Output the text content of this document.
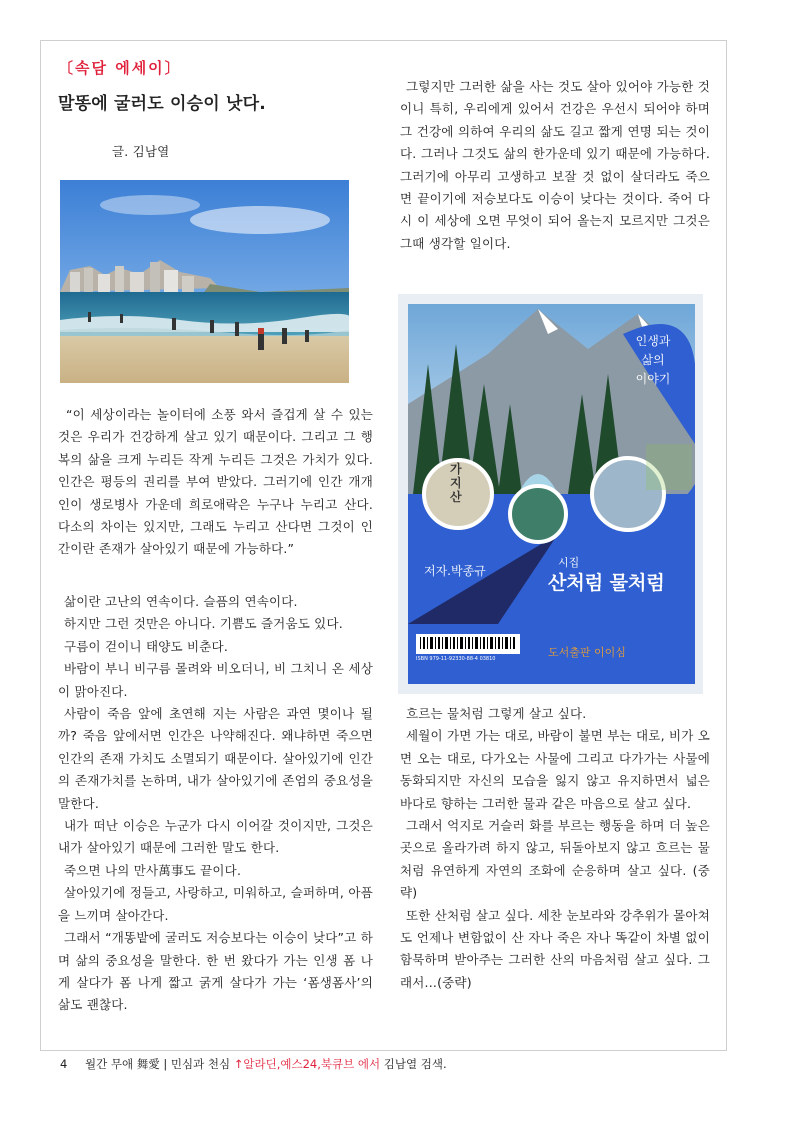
〔속담 에세이〕
말똥에 굴러도 이승이 낫다.
글. 김남열

“이 세상이라는 놀이터에 소풍 와서 즐겁게 살 수 있는 것은 우리가 건강하게 살고 있기 때문이다. 그리고 그 행복의 삶을 크게 누리든 작게 누리든 그것은 가치가 있다. 인간은 평등의 권리를 부여 받았다. 그러기에 인간 개개인이 생로병사 가운데 희로애락은 누구나 누리고 산다. 다소의 차이는 있지만, 그래도 누리고 산다면 그것이 인간이란 존재가 살아있기 때문에 가능하다.”

삶이란 고난의 연속이다. 슬픔의 연속이다.

하지만 그런 것만은 아니다. 기쁨도 즐거움도 있다.

구름이 걷이니 태양도 비춘다.

바람이 부니 비구름 몰려와 비오더니, 비 그치니 온 세상이 맑아진다.

사람이 죽음 앞에 초연해 지는 사람은 과연 몇이나 될까? 죽음 앞에서면 인간은 나약해진다. 왜냐하면 죽으면 인간의 존재 가치도 소멸되기 때문이다. 살아있기에 인간의 존재가치를 논하며, 내가 살아있기에 존엄의 중요성을 말한다.

내가 떠난 이승은 누군가 다시 이어갈 것이지만, 그것은 내가 살아있기 때문에 그러한 말도 한다.

죽으면 나의 만사萬事도 끝이다.

살아있기에 정들고, 사랑하고, 미워하고, 슬퍼하며, 아픔을 느끼며 살아간다.

그래서 “개똥밭에 굴러도 저승보다는 이승이 낮다”고 하며 삶의 중요성을 말한다. 한 번 왔다가 가는 인생 폼 나게 살다가 폼 나게 짧고 굵게 살다가 가는 ‘폼생폼사’의 삶도 괜찮다.

그렇지만 그러한 삶을 사는 것도 살아 있어야 가능한 것이니 특히, 우리에게 있어서 건강은 우선시 되어야 하며 그 건강에 의하여 우리의 삶도 길고 짧게 연명 되는 것이다. 그러나 그것도 삶의 한가운데 있기 때문에 가능하다. 그러기에 아무리 고생하고 보잘 것 없이 살더라도 죽으면 끝이기에 저승보다도 이승이 낮다는 것이다. 죽어 다시 이 세상에 오면 무엇이 되어 올는지 모르지만 그것은 그때 생각할 일이다.

인생과
삶의
이야기
가지산
저자.박종규
시집
산처럼 물처럼
도서출판 이이심
ISBN 979-11-92330-88-4 03810

흐르는 물처럼 그렇게 살고 싶다.

세월이 가면 가는 대로, 바람이 불면 부는 대로, 비가 오면 오는 대로, 다가오는 사물에 그리고 다가가는 사물에 동화되지만 자신의 모습을 잃지 않고 유지하면서 넓은 바다로 향하는 그러한 물과 같은 마음으로 살고 싶다.

그래서 억지로 거슬러 화를 부르는 행동을 하며 더 높은 곳으로 올라가려 하지 않고, 뒤돌아보지 않고 흐르는 물처럼 유연하게 자연의 조화에 순응하며 살고 싶다. (중략)

또한 산처럼 살고 싶다. 세찬 눈보라와 강추위가 몰아쳐도 언제나 변함없이 산 자나 죽은 자나 똑같이 차별 없이 함묵하며 받아주는 그러한 산의 마음처럼 살고 싶다. 그래서...(중략)

4 월간 무애 舞愛 | 민심과 천심 ↑알라딘,예스24,북큐브 에서 김남열 검색.
